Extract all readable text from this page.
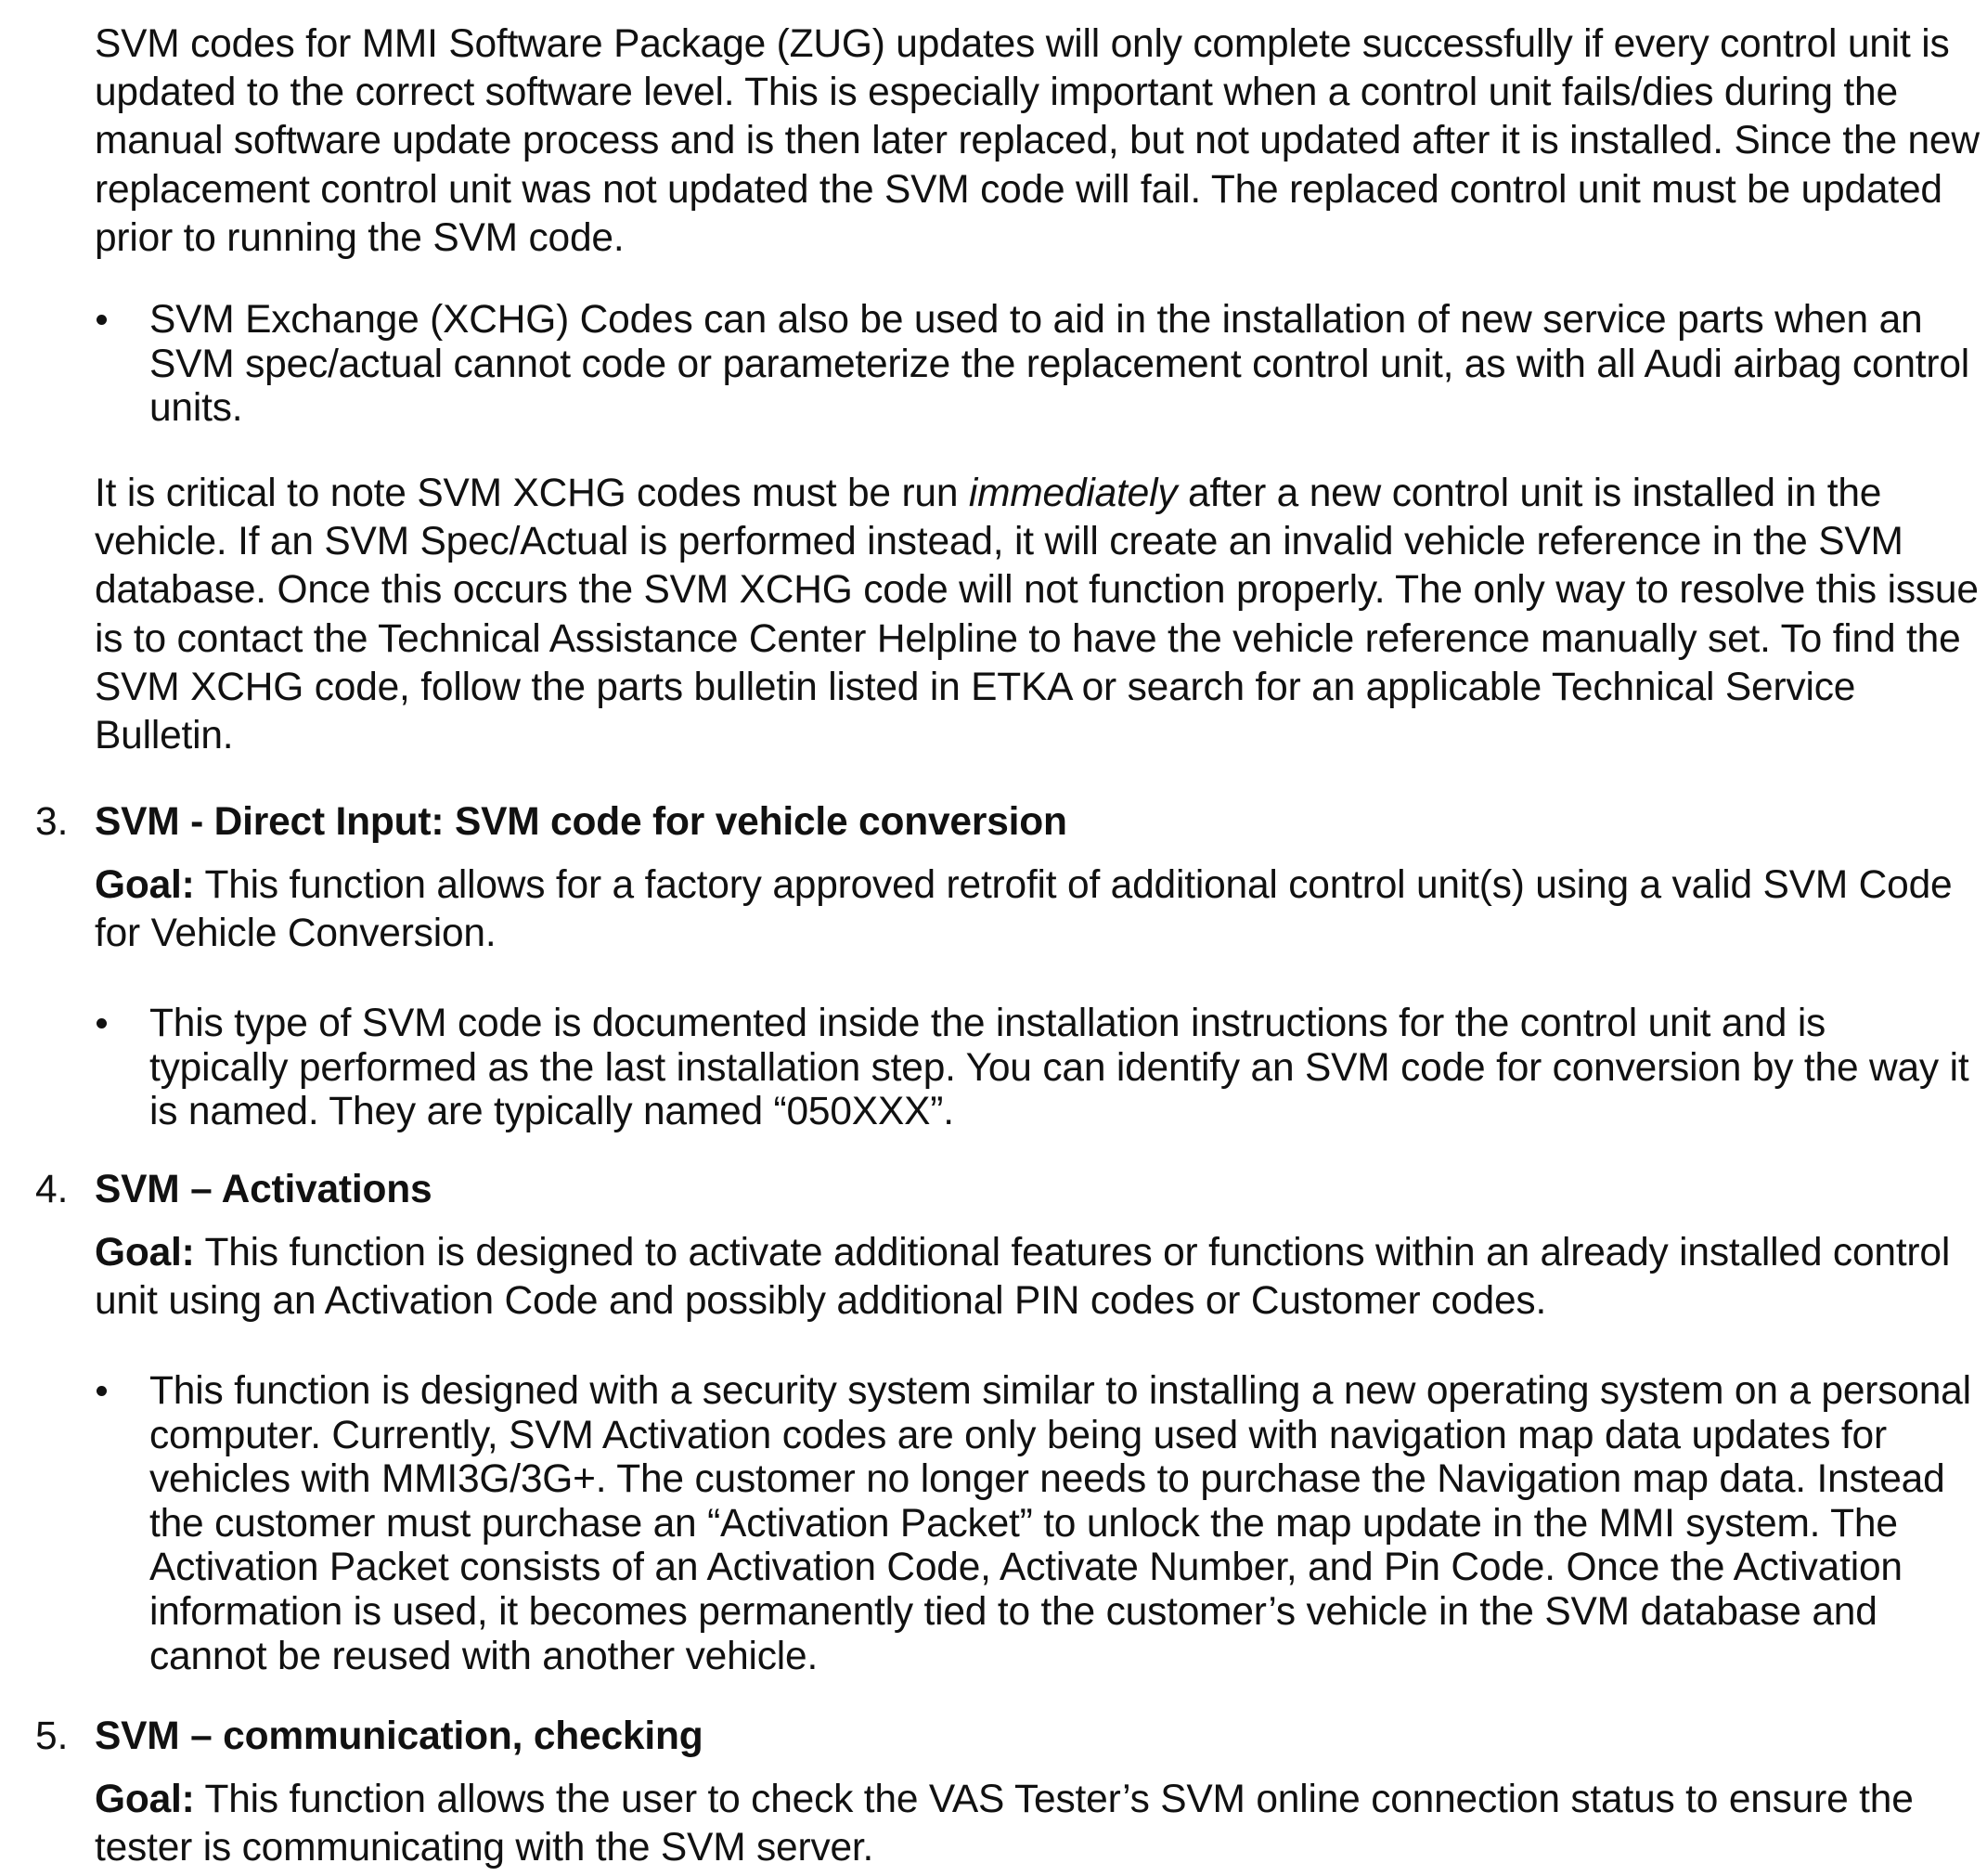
SVM codes for MMI Software Package (ZUG) updates will only complete successfully if every control unit is updated to the correct software level. This is especially important when a control unit fails/dies during the manual software update process and is then later replaced, but not updated after it is installed. Since the new replacement control unit was not updated the SVM code will fail. The replaced control unit must be updated prior to running the SVM code.

SVM Exchange (XCHG) Codes can also be used to aid in the installation of new service parts when an SVM spec/actual cannot code or parameterize the replacement control unit, as with all Audi airbag control units.

It is critical to note SVM XCHG codes must be run immediately after a new control unit is installed in the vehicle. If an SVM Spec/Actual is performed instead, it will create an invalid vehicle reference in the SVM database. Once this occurs the SVM XCHG code will not function properly. The only way to resolve this issue is to contact the Technical Assistance Center Helpline to have the vehicle reference manually set. To find the SVM XCHG code, follow the parts bulletin listed in ETKA or search for an applicable Technical Service Bulletin.

3. SVM - Direct Input: SVM code for vehicle conversion

Goal: This function allows for a factory approved retrofit of additional control unit(s) using a valid SVM Code for Vehicle Conversion.

This type of SVM code is documented inside the installation instructions for the control unit and is typically performed as the last installation step. You can identify an SVM code for conversion by the way it is named. They are typically named “050XXX”.

4. SVM – Activations

Goal: This function is designed to activate additional features or functions within an already installed control unit using an Activation Code and possibly additional PIN codes or Customer codes.

This function is designed with a security system similar to installing a new operating system on a personal computer. Currently, SVM Activation codes are only being used with navigation map data updates for vehicles with MMI3G/3G+. The customer no longer needs to purchase the Navigation map data. Instead the customer must purchase an “Activation Packet” to unlock the map update in the MMI system. The Activation Packet consists of an Activation Code, Activate Number, and Pin Code. Once the Activation information is used, it becomes permanently tied to the customer’s vehicle in the SVM database and cannot be reused with another vehicle.

5. SVM – communication, checking

Goal: This function allows the user to check the VAS Tester’s SVM online connection status to ensure the tester is communicating with the SVM server.
